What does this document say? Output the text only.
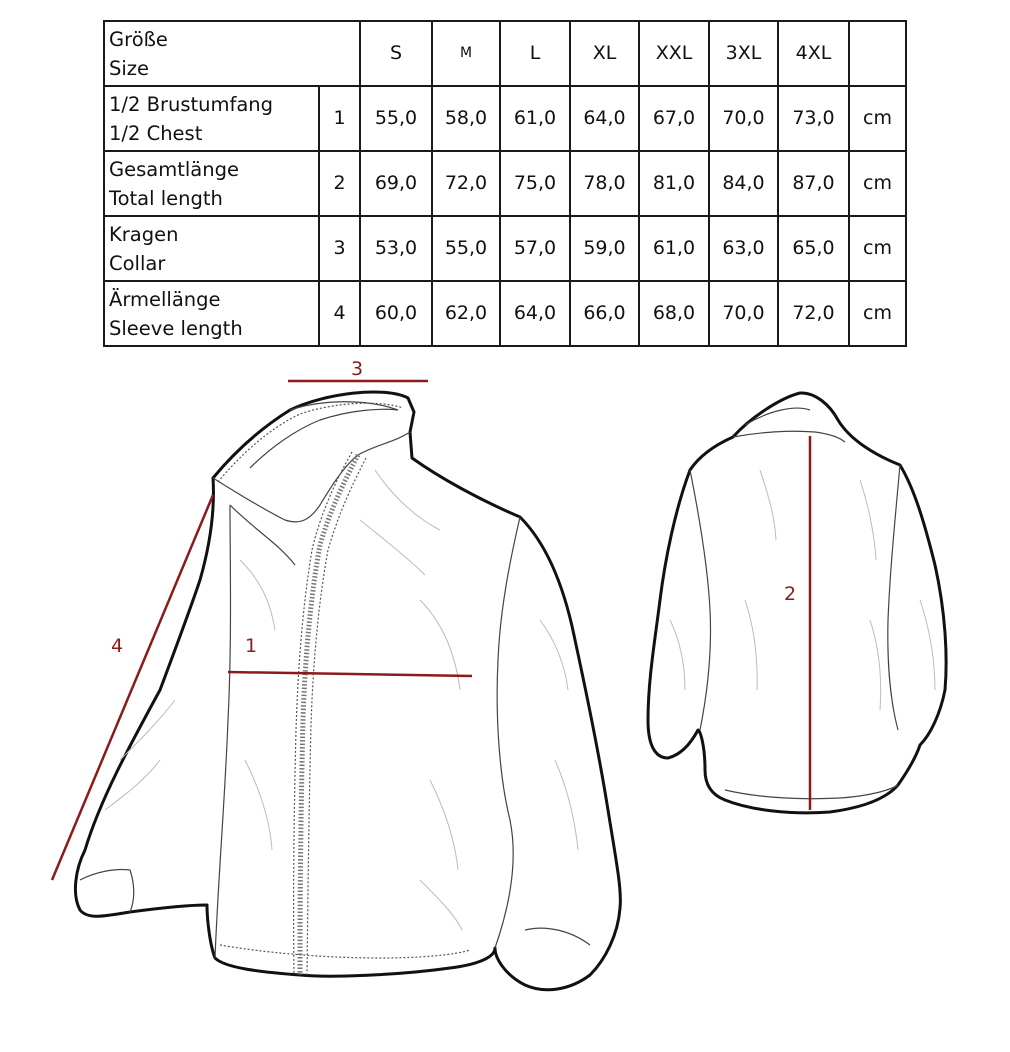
Größe
Size		S	M	L	XL	XXL	3XL	4XL	

1/2 Brustumfang
1/2 Chest	1	55,0	58,0	61,0	64,0	67,0	70,0	73,0	cm

Gesamtlänge
Total length	2	69,0	72,0	75,0	78,0	81,0	84,0	87,0	cm

Kragen
Collar	3	53,0	55,0	57,0	59,0	61,0	63,0	65,0	cm

Ärmellänge
Sleeve length	4	60,0	62,0	64,0	66,0	68,0	70,0	72,0	cm
1
2
3
4
